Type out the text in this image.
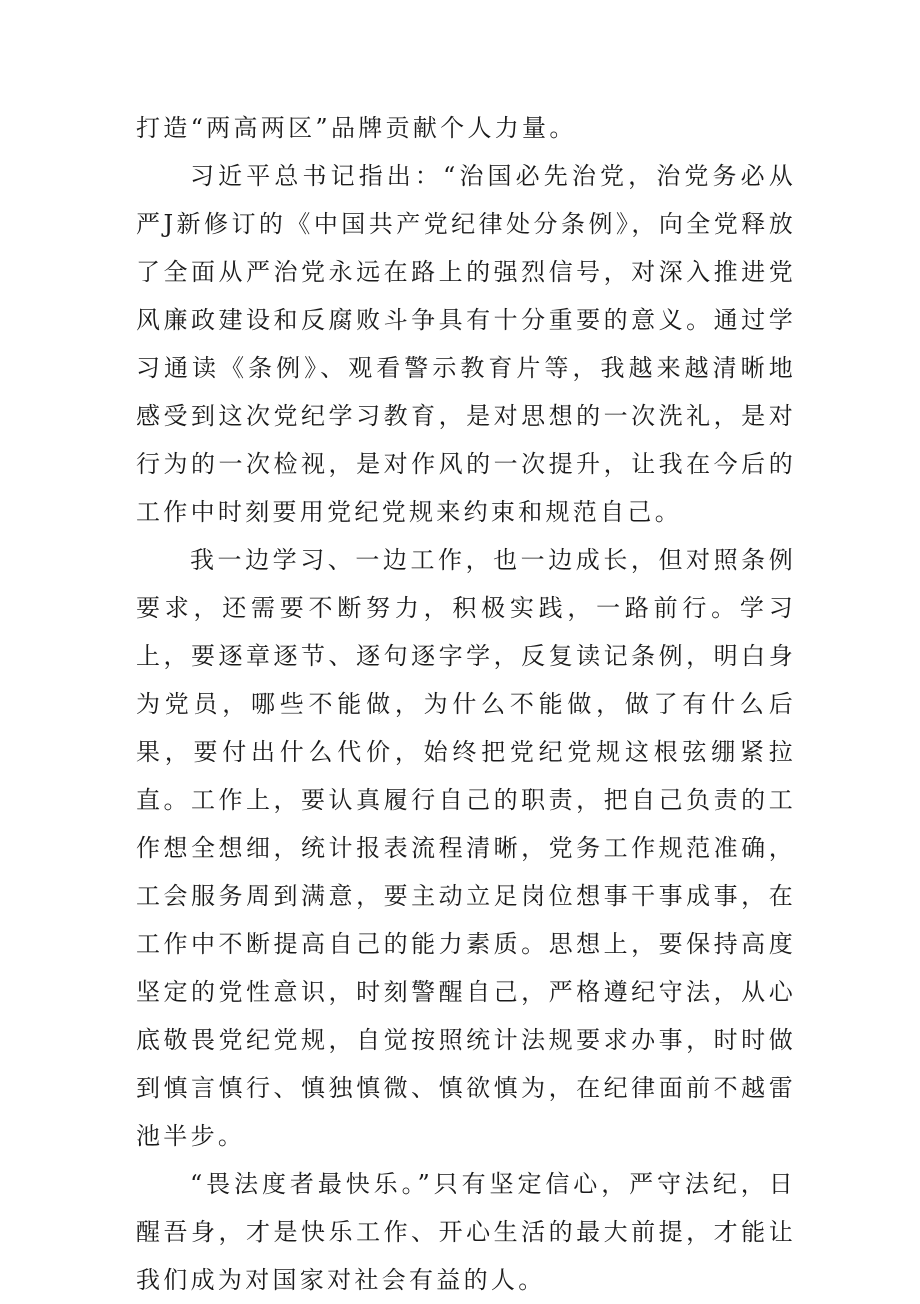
打造“两高两区”品牌贡献个人力量。

习近平总书记指出：“治国必先治党，治党务必从严J新修订的《中国共产党纪律处分条例》，向全党释放了全面从严治党永远在路上的强烈信号，对深入推进党风廉政建设和反腐败斗争具有十分重要的意义。通过学习通读《条例》、观看警示教育片等，我越来越清晰地感受到这次党纪学习教育，是对思想的一次洗礼，是对行为的一次检视，是对作风的一次提升，让我在今后的工作中时刻要用党纪党规来约束和规范自己。

我一边学习、一边工作，也一边成长，但对照条例要求，还需要不断努力，积极实践，一路前行。学习上，要逐章逐节、逐句逐字学，反复读记条例，明白身为党员，哪些不能做，为什么不能做，做了有什么后果，要付出什么代价，始终把党纪党规这根弦绷紧拉直。工作上，要认真履行自己的职责，把自己负责的工作想全想细，统计报表流程清晰，党务工作规范准确，工会服务周到满意，要主动立足岗位想事干事成事，在工作中不断提高自己的能力素质。思想上，要保持高度坚定的党性意识，时刻警醒自己，严格遵纪守法，从心底敬畏党纪党规，自觉按照统计法规要求办事，时时做到慎言慎行、慎独慎微、慎欲慎为，在纪律面前不越雷池半步。

“畏法度者最快乐。”只有坚定信心，严守法纪，日醒吾身，才是快乐工作、开心生活的最大前提，才能让我们成为对国家对社会有益的人。
